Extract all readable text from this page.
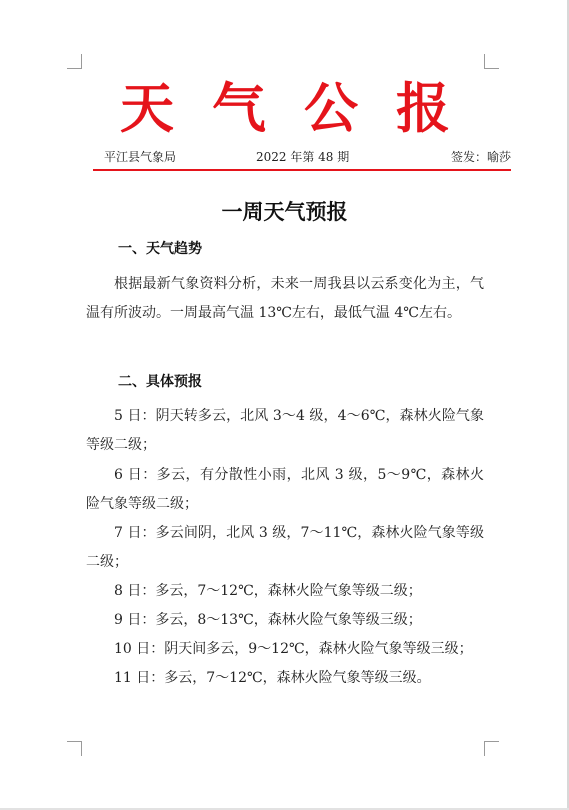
天 气 公 报
平江县气象局	2022 年第 48 期	签发：喻莎
一周天气预报
一、天气趋势

根据最新气象资料分析，未来一周我县以云系变化为主，气温有所波动。一周最高气温 13℃左右，最低气温 4℃左右。

二、具体预报

5 日：阴天转多云，北风 3～4 级，4～6℃，森林火险气象等级二级；

6 日：多云，有分散性小雨，北风 3 级，5～9℃，森林火险气象等级二级；

7 日：多云间阴，北风 3 级，7～11℃，森林火险气象等级二级；

8 日：多云，7～12℃，森林火险气象等级二级；

9 日：多云，8～13℃，森林火险气象等级三级；

10 日：阴天间多云，9～12℃，森林火险气象等级三级；

11 日：多云，7～12℃，森林火险气象等级三级。
